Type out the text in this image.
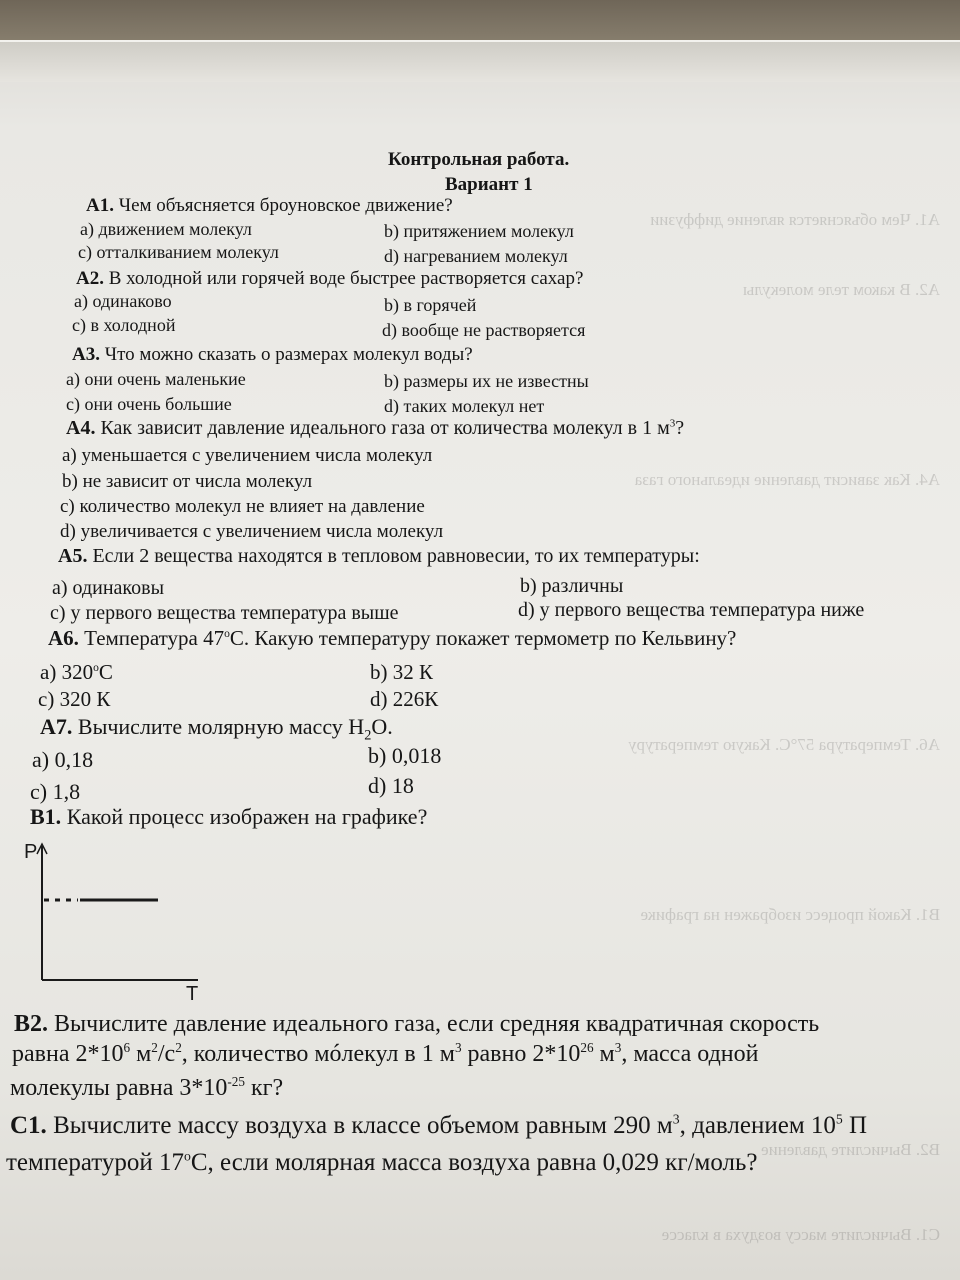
А1. Чем объясняется явление диффузии
А2. В каком теле молекулы
А4. Как зависит давление идеального газа
А6. Температура 57°С. Какую температуру
В1. Какой процесс изображен на графике
В2. Вычислите давление
С1. Вычислите массу воздуха в классе
Контрольная работа.
Вариант 1
А1. Чем объясняется броуновское движение?
a) движением молекул	b) притяжением молекул
c) отталкиванием молекул	d) нагреванием молекул
А2. В холодной или горячей воде быстрее растворяется сахар?
a) одинаково	b) в горячей
c) в холодной	d) вообще не растворяется
А3. Что можно сказать о размерах молекул воды?
a) они очень маленькие	b) размеры их не известны
c) они очень большие	d) таких молекул нет
А4. Как зависит давление идеального газа от количества молекул в 1 $м^3$?
a) уменьшается с увеличением числа молекул
b) не зависит от числа молекул
c) количество молекул не влияет на давление
d) увеличивается с увеличением числа молекул
А5. Если 2 вещества находятся в тепловом равновесии, то их температуры:
a) одинаковы	b) различны
c) у первого вещества температура выше	d) у первого вещества температура ниже
А6. Температура 47$^o$С. Какую температуру покажет термометр по Кельвину?
a) 320$^o$C	b) 32 К
c) 320 К	d) 226К
А7. Вычислите молярную массу $Н_2О$.
a) 0,18	b) 0,018
c) 1,8	d) 18
В1. Какой процесс изображен на графике?
P
T
В2. Вычислите давление идеального газа, если средняя квадратичная скорость
равна $2*10^6$ $м^2/с^2$, количество мóлекул в 1 $м^3$ равно $2*10^{26}$ $м^3$, масса одной
молекулы равна $3*10^{-25}$ кг?
С1. Вычислите массу воздуха в классе объемом равным 290 $м^3$, давлением $10^5$ П
температурой 17$^o$С, если молярная масса воздуха равна 0,029 кг/моль?
